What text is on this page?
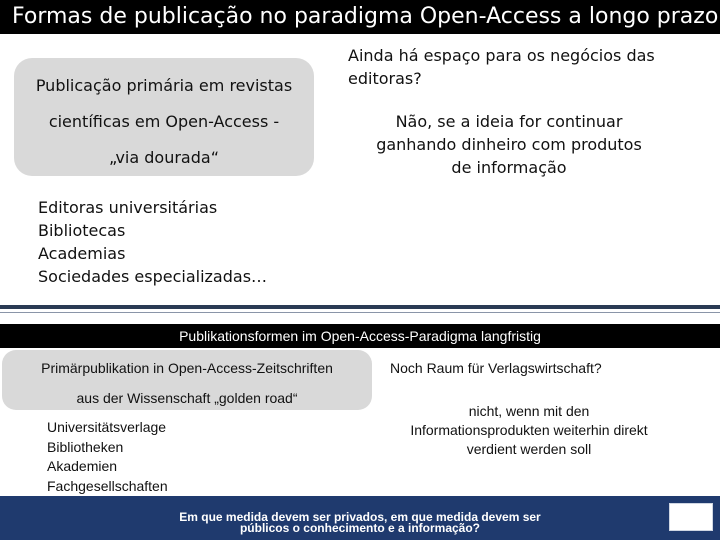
Formas de publicação no paradigma Open-Access a longo prazo
Publicação primária em revistas
científicas em Open-Access -
„via dourada“
Ainda há espaço para os negócios das editoras?
Não, se a ideia for continuar ganhando dinheiro com produtos de informação
Editoras universitárias
Bibliotecas
Academias
Sociedades especializadas…
Publikationsformen im Open-Access-Paradigma langfristig
Primärpublikation in Open-Access-Zeitschriften
aus der Wissenschaft „golden road“
Noch Raum für Verlagswirtschaft?
nicht, wenn mit den Informationsprodukten weiterhin direkt verdient werden soll
Universitätsverlage
Bibliotheken
Akademien
Fachgesellschaften
Em que medida devem ser privados, em que medida devem ser
públicos o conhecimento e a informação?
